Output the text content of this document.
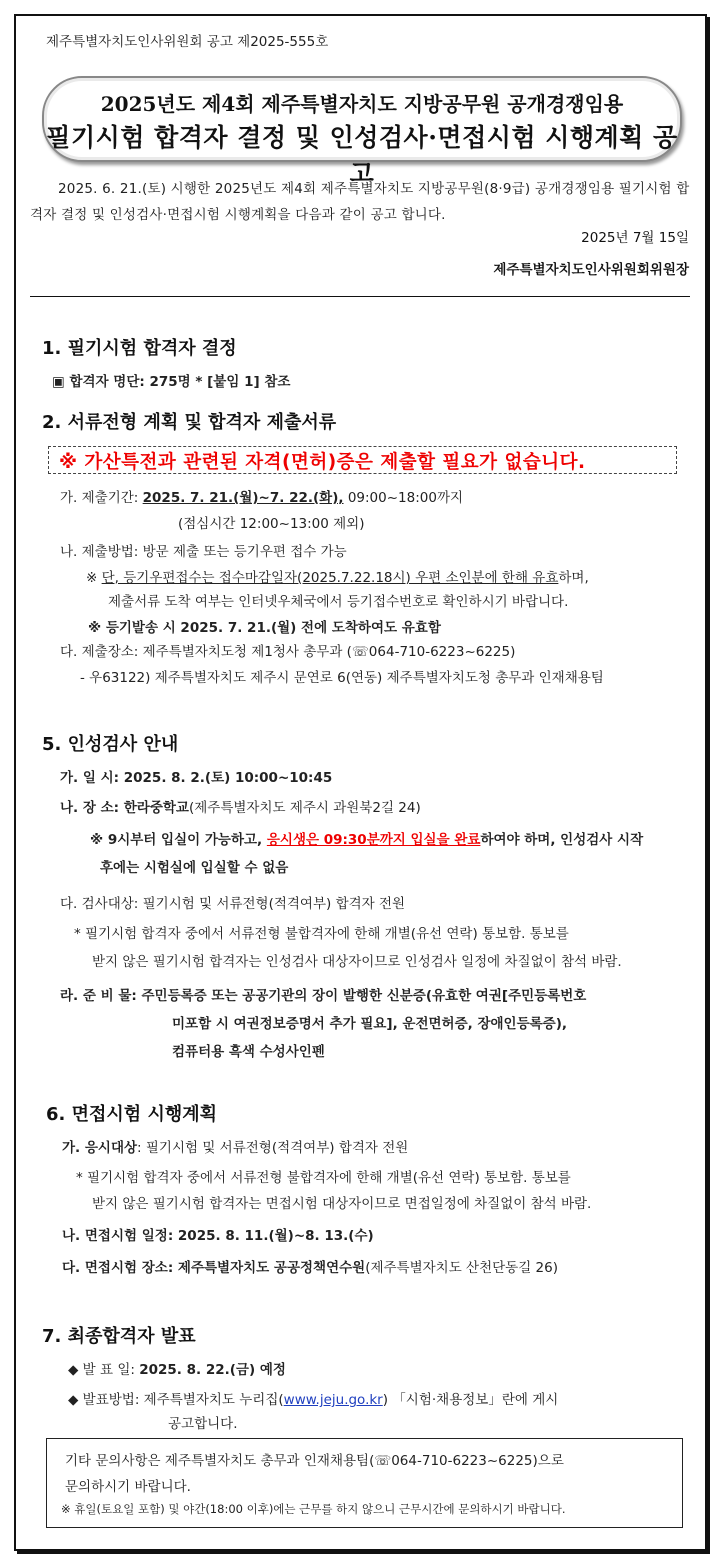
제주특별자치도인사위원회 공고 제2025-555호
2025년도 제4회 제주특별자치도 지방공무원 공개경쟁임용
필기시험 합격자 결정 및 인성검사·면접시험 시행계획 공고
2025. 6. 21.(토) 시행한 2025년도 제4회 제주특별자치도 지방공무원(8·9급) 공개경쟁임용 필기시험 합격자 결정 및 인성검사·면접시험 시행계획을 다음과 같이 공고 합니다.
2025년 7월 15일
제주특별자치도인사위원회위원장
1. 필기시험 합격자 결정
▣ 합격자 명단: 275명 * [붙임 1] 참조
2. 서류전형 계획 및 합격자 제출서류
※ 가산특전과 관련된 자격(면허)증은 제출할 필요가 없습니다.
가. 제출기간: 2025. 7. 21.(월)~7. 22.(화), 09:00~18:00까지
(점심시간 12:00~13:00 제외)
나. 제출방법: 방문 제출 또는 등기우편 접수 가능
※ 단, 등기우편접수는 접수마감일자(2025.7.22.18시) 우편 소인분에 한해 유효하며,
제출서류 도착 여부는 인터넷우체국에서 등기접수번호로 확인하시기 바랍니다.
※ 등기발송 시 2025. 7. 21.(월) 전에 도착하여도 유효함
다. 제출장소: 제주특별자치도청 제1청사 총무과 (☏064-710-6223~6225)
- 우63122) 제주특별자치도 제주시 문연로 6(연동) 제주특별자치도청 총무과 인재채용팀
5. 인성검사 안내
가. 일 시: 2025. 8. 2.(토) 10:00~10:45
나. 장 소: 한라중학교(제주특별자치도 제주시 과원북2길 24)
※ 9시부터 입실이 가능하고, 응시생은 09:30분까지 입실을 완료하여야 하며, 인성검사 시작
후에는 시험실에 입실할 수 없음
다. 검사대상: 필기시험 및 서류전형(적격여부) 합격자 전원
* 필기시험 합격자 중에서 서류전형 불합격자에 한해 개별(유선 연락) 통보함. 통보를
받지 않은 필기시험 합격자는 인성검사 대상자이므로 인성검사 일정에 차질없이 참석 바람.
라. 준 비 물: 주민등록증 또는 공공기관의 장이 발행한 신분증(유효한 여권[주민등록번호
미포함 시 여권정보증명서 추가 필요], 운전면허증, 장애인등록증),
컴퓨터용 흑색 수성사인펜
6. 면접시험 시행계획
가. 응시대상: 필기시험 및 서류전형(적격여부) 합격자 전원
* 필기시험 합격자 중에서 서류전형 불합격자에 한해 개별(유선 연락) 통보함. 통보를
받지 않은 필기시험 합격자는 면접시험 대상자이므로 면접일정에 차질없이 참석 바람.
나. 면접시험 일정: 2025. 8. 11.(월)~8. 13.(수)
다. 면접시험 장소: 제주특별자치도 공공정책연수원(제주특별자치도 산천단동길 26)
7. 최종합격자 발표
◆ 발 표 일: 2025. 8. 22.(금) 예정
◆ 발표방법: 제주특별자치도 누리집(www.jeju.go.kr) 「시험·채용정보」란에 게시
공고합니다.
기타 문의사항은 제주특별자치도 총무과 인재채용팀(☏064-710-6223~6225)으로
문의하시기 바랍니다.
※ 휴일(토요일 포함) 및 야간(18:00 이후)에는 근무를 하지 않으니 근무시간에 문의하시기 바랍니다.
